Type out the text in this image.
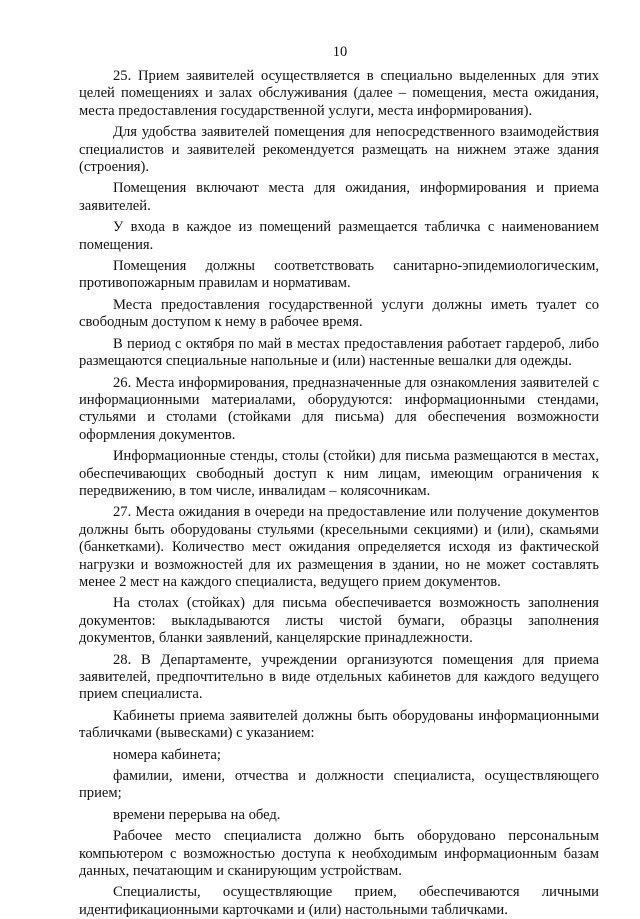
10

25. Прием заявителей осуществляется в специально выделенных для этих целей помещениях и залах обслуживания (далее – помещения, места ожидания, места предоставления государственной услуги, места информирования).

Для удобства заявителей помещения для непосредственного взаимодействия специалистов и заявителей рекомендуется размещать на нижнем этаже здания (строения).

Помещения включают места для ожидания, информирования и приема заявителей.

У входа в каждое из помещений размещается табличка с наименованием помещения.

Помещения должны соответствовать санитарно-эпидемиологическим, противопожарным правилам и нормативам.

Места предоставления государственной услуги должны иметь туалет со свободным доступом к нему в рабочее время.

В период с октября по май в местах предоставления работает гардероб, либо размещаются специальные напольные и (или) настенные вешалки для одежды.

26. Места информирования, предназначенные для ознакомления заявителей с информационными материалами, оборудуются: информационными стендами, стульями и столами (стойками для письма) для обеспечения возможности оформления документов.

Информационные стенды, столы (стойки) для письма размещаются в местах, обеспечивающих свободный доступ к ним лицам, имеющим ограничения к передвижению, в том числе, инвалидам – колясочникам.

27. Места ожидания в очереди на предоставление или получение документов должны быть оборудованы стульями (кресельными секциями) и (или), скамьями (банкетками). Количество мест ожидания определяется исходя из фактической нагрузки и возможностей для их размещения в здании, но не может составлять менее 2 мест на каждого специалиста, ведущего прием документов.

На столах (стойках) для письма обеспечивается возможность заполнения документов: выкладываются листы чистой бумаги, образцы заполнения документов, бланки заявлений, канцелярские принадлежности.

28. В Департаменте, учреждении организуются помещения для приема заявителей, предпочтительно в виде отдельных кабинетов для каждого ведущего прием специалиста.

Кабинеты приема заявителей должны быть оборудованы информационными табличками (вывесками) с указанием:

номера кабинета;

фамилии, имени, отчества и должности специалиста, осуществляющего прием;

времени перерыва на обед.

Рабочее место специалиста должно быть оборудовано персональным компьютером с возможностью доступа к необходимым информационным базам данных, печатающим и сканирующим устройствам.

Специалисты, осуществляющие прием, обеспечиваются личными идентификационными карточками и (или) настольными табличками.
